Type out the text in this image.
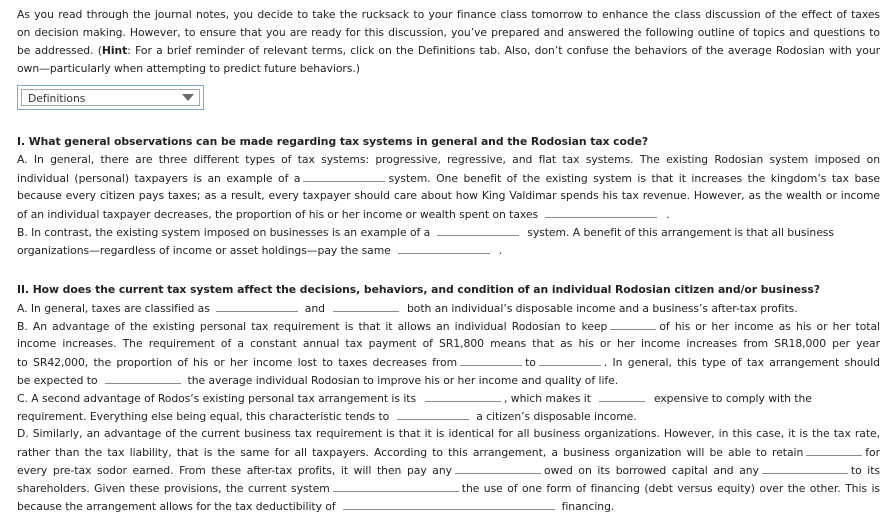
As you read through the journal notes, you decide to take the rucksack to your finance class tomorrow to enhance the class discussion of the effect of taxes
on decision making. However, to ensure that you are ready for this discussion, you’ve prepared and answered the following outline of topics and questions to
be addressed. (Hint: For a brief reminder of relevant terms, click on the Definitions tab. Also, don’t confuse the behaviors of the average Rodosian with your
own—particularly when attempting to predict future behaviors.)
Definitions
I. What general observations can be made regarding tax systems in general and the Rodosian tax code?
A. In general, there are three different types of tax systems: progressive, regressive, and flat tax systems. The existing Rodosian system imposed on
individual (personal) taxpayers is an example of a	system. One benefit of the existing system is that it increases the kingdom’s tax base
because every citizen pays taxes; as a result, every taxpayer should care about how King Valdimar spends his tax revenue. However, as the wealth or income
of an individual taxpayer decreases, the proportion of his or her income or wealth spent on taxes	.
B. In contrast, the existing system imposed on businesses is an example of a	system. A benefit of this arrangement is that all business
organizations—regardless of income or asset holdings—pay the same	.
II. How does the current tax system affect the decisions, behaviors, and condition of an individual Rodosian citizen and/or business?
A. In general, taxes are classified as	and	both an individual’s disposable income and a business’s after-tax profits.
B. An advantage of the existing personal tax requirement is that it allows an individual Rodosian to keep	of his or her income as his or her total
income increases. The requirement of a constant annual tax payment of SR1,800 means that as his or her income increases from SR18,000 per year
to SR42,000, the proportion of his or her income lost to taxes decreases from	to	. In general, this type of tax arrangement should
be expected to	the average individual Rodosian to improve his or her income and quality of life.
C. A second advantage of Rodos’s existing personal tax arrangement is its	, which makes it	expensive to comply with the
requirement. Everything else being equal, this characteristic tends to	a citizen’s disposable income.
D. Similarly, an advantage of the current business tax requirement is that it is identical for all business organizations. However, in this case, it is the tax rate,
rather than the tax liability, that is the same for all taxpayers. According to this arrangement, a business organization will be able to retain	for
every pre-tax sodor earned. From these after-tax profits, it will then pay any	owed on its borrowed capital and any	to its
shareholders. Given these provisions, the current system	the use of one form of financing (debt versus equity) over the other. This is
because the arrangement allows for the tax deductibility of	financing.
